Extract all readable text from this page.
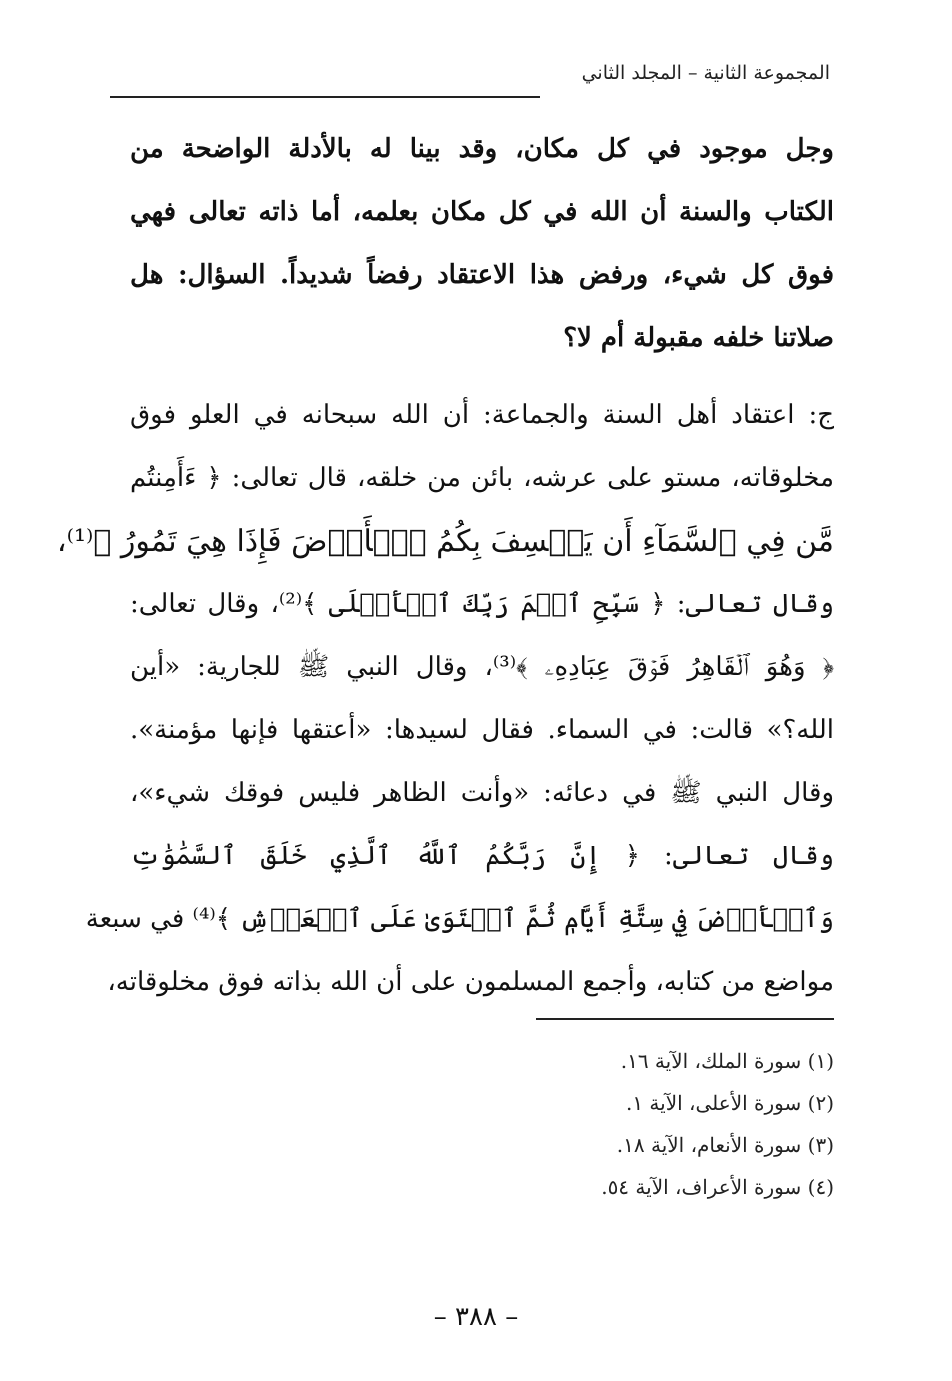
المجموعة الثانية – المجلد الثاني
وجل موجود في كل مكان، وقد بينا له بالأدلة الواضحة من
الكتاب والسنة أن الله في كل مكان بعلمه، أما ذاته تعالى فهي
فوق كل شيء، ورفض هذا الاعتقاد رفضاً شديداً. السؤال: هل
صلاتنا خلفه مقبولة أم لا؟
ج: اعتقاد أهل السنة والجماعة: أن الله سبحانه في العلو فوق
مخلوقاته، مستو على عرشه، بائن من خلقه، قال تعالى: ﴿ ءَأَمِنتُم
مَّن فِي ٱلسَّمَآءِ أَن يَخۡسِفَ بِكُمُ ٱلۡأَرۡضَ فَإِذَا هِيَ تَمُورُ ﴾⁽¹⁾،
وقال تعالى: ﴿ سَبِّحِ ٱسۡمَ رَبِّكَ ٱلۡأَعۡلَى ﴾⁽²⁾، وقال تعالى:
﴿ وَهُوَ ٱلۡقَاهِرُ فَوۡقَ عِبَادِهِۦ ﴾⁽³⁾، وقال النبي ﷺ للجارية: «أين
الله؟» قالت: في السماء. فقال لسيدها: «أعتقها فإنها مؤمنة».
وقال النبي ﷺ في دعائه: «وأنت الظاهر فليس فوقك شيء»،
وقال تعالى: ﴿ إِنَّ رَبَّكُمُ ٱللَّهُ ٱلَّذِي خَلَقَ ٱلسَّمَٰوَٰتِ
وَٱلۡأَرۡضَ فِي سِتَّةِ أَيَّامٖ ثُمَّ ٱسۡتَوَىٰ عَلَى ٱلۡعَرۡشِ ﴾⁽⁴⁾ في سبعة
مواضع من كتابه، وأجمع المسلمون على أن الله بذاته فوق مخلوقاته،
(١) سورة الملك، الآية ١٦.
(٢) سورة الأعلى، الآية ١.
(٣) سورة الأنعام، الآية ١٨.
(٤) سورة الأعراف، الآية ٥٤.
– ٣٨٨ –
